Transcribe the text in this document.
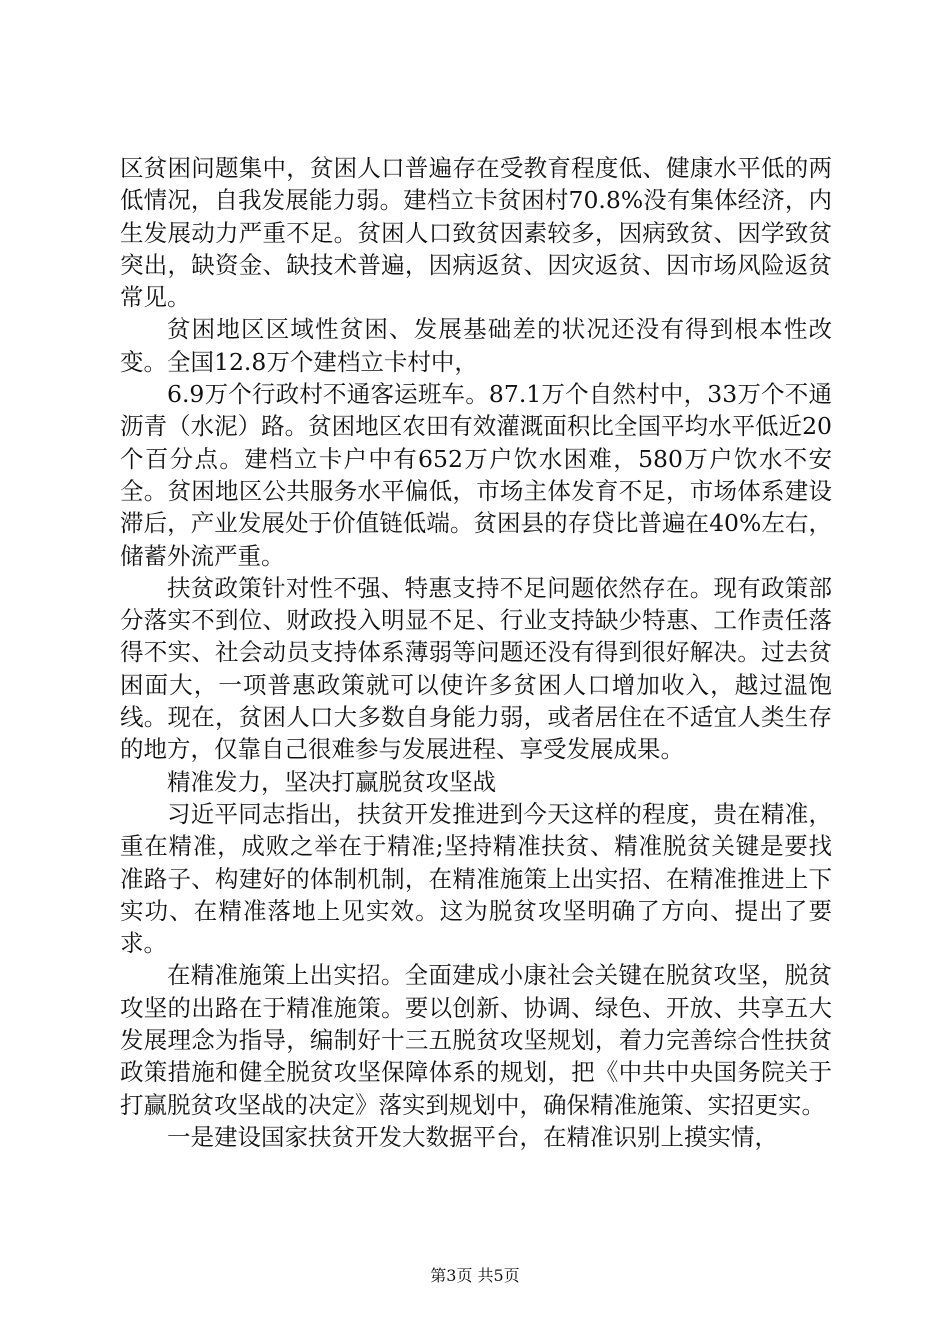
区贫困问题集中，贫困人口普遍存在受教育程度低、健康水平低的两低情况，自我发展能力弱。建档立卡贫困村70.8%没有集体经济，内生发展动力严重不足。贫困人口致贫因素较多，因病致贫、因学致贫突出，缺资金、缺技术普遍，因病返贫、因灾返贫、因市场风险返贫常见。

贫困地区区域性贫困、发展基础差的状况还没有得到根本性改变。全国12.8万个建档立卡村中，

6.9万个行政村不通客运班车。87.1万个自然村中，33万个不通沥青（水泥）路。贫困地区农田有效灌溉面积比全国平均水平低近20个百分点。建档立卡户中有652万户饮水困难，580万户饮水不安全。贫困地区公共服务水平偏低，市场主体发育不足，市场体系建设滞后，产业发展处于价值链低端。贫困县的存贷比普遍在40%左右，储蓄外流严重。

扶贫政策针对性不强、特惠支持不足问题依然存在。现有政策部分落实不到位、财政投入明显不足、行业支持缺少特惠、工作责任落得不实、社会动员支持体系薄弱等问题还没有得到很好解决。过去贫困面大，一项普惠政策就可以使许多贫困人口增加收入，越过温饱线。现在，贫困人口大多数自身能力弱，或者居住在不适宜人类生存的地方，仅靠自己很难参与发展进程、享受发展成果。

精准发力，坚决打赢脱贫攻坚战

习近平同志指出，扶贫开发推进到今天这样的程度，贵在精准，重在精准，成败之举在于精准;坚持精准扶贫、精准脱贫关键是要找准路子、构建好的体制机制，在精准施策上出实招、在精准推进上下实功、在精准落地上见实效。这为脱贫攻坚明确了方向、提出了要求。

在精准施策上出实招。全面建成小康社会关键在脱贫攻坚，脱贫攻坚的出路在于精准施策。要以创新、协调、绿色、开放、共享五大发展理念为指导，编制好十三五脱贫攻坚规划，着力完善综合性扶贫政策措施和健全脱贫攻坚保障体系的规划，把《中共中央国务院关于打赢脱贫攻坚战的决定》落实到规划中，确保精准施策、实招更实。

一是建设国家扶贫开发大数据平台，在精准识别上摸实情，

第3页 共5页
